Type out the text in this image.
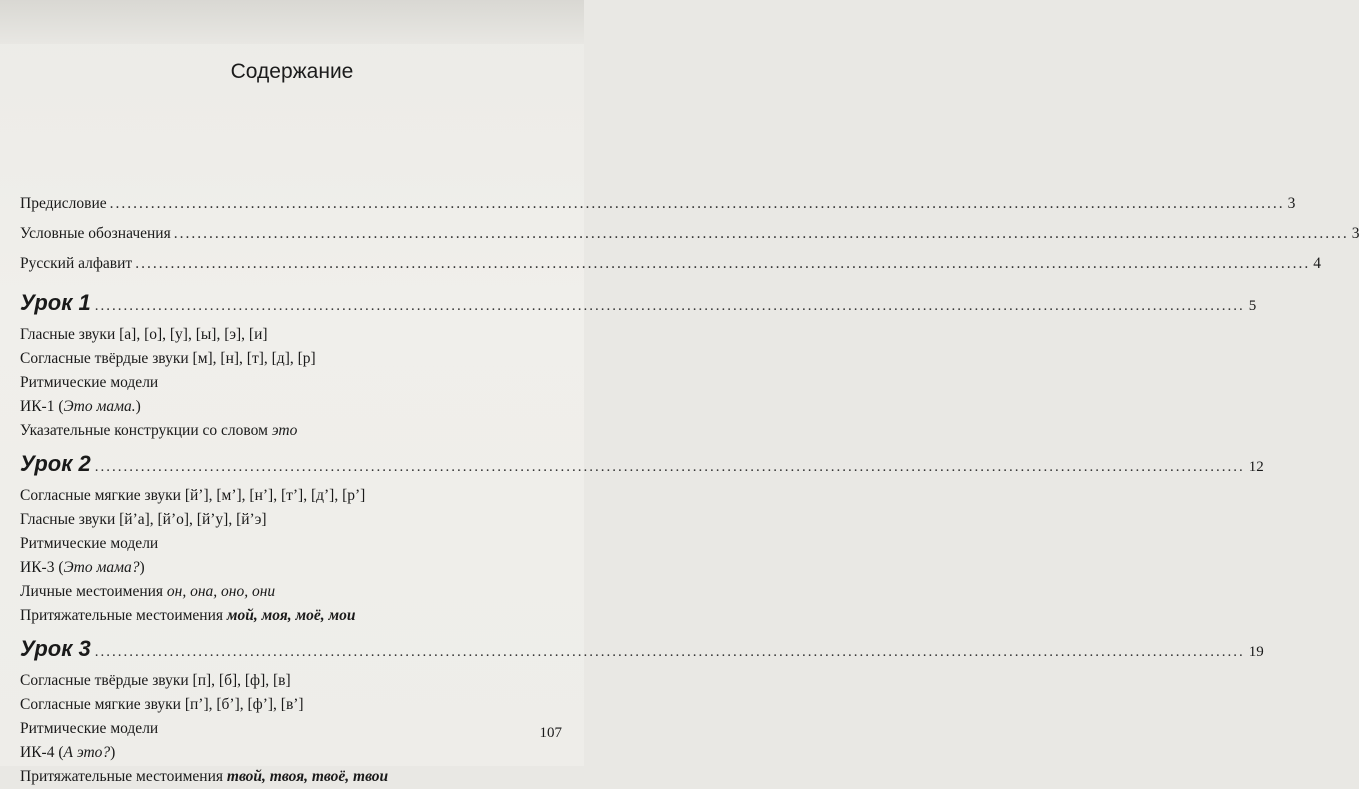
Содержание
Предисловие ........................................................................................................................................................................................................ 3
Условные обозначения ........................................................................................................................................................................................................ 3
Русский алфавит ........................................................................................................................................................................................................ 4
Урок 1 ........................................................................................................................................................................................................ 5
Гласные звуки [а], [о], [у], [ы], [э], [и]
Согласные твёрдые звуки [м], [н], [т], [д], [р]
Ритмические модели
ИК-1 (Это мама.)
Указательные конструкции со словом это
Урок 2 ........................................................................................................................................................................................................ 12
Согласные мягкие звуки [й’], [м’], [н’], [т’], [д’], [р’]
Гласные звуки [й’а], [й’о], [й’у], [й’э]
Ритмические модели
ИК-3 (Это мама?)
Личные местоимения он, она, оно, они
Притяжательные местоимения мой, моя, моё, мои
Урок 3 ........................................................................................................................................................................................................ 19
Согласные твёрдые звуки [п], [б], [ф], [в]
Согласные мягкие звуки [п’], [б’], [ф’], [в’]
Ритмические модели
ИК-4 (А это?)
Притяжательные местоимения твой, твоя, твоё, твои
107
